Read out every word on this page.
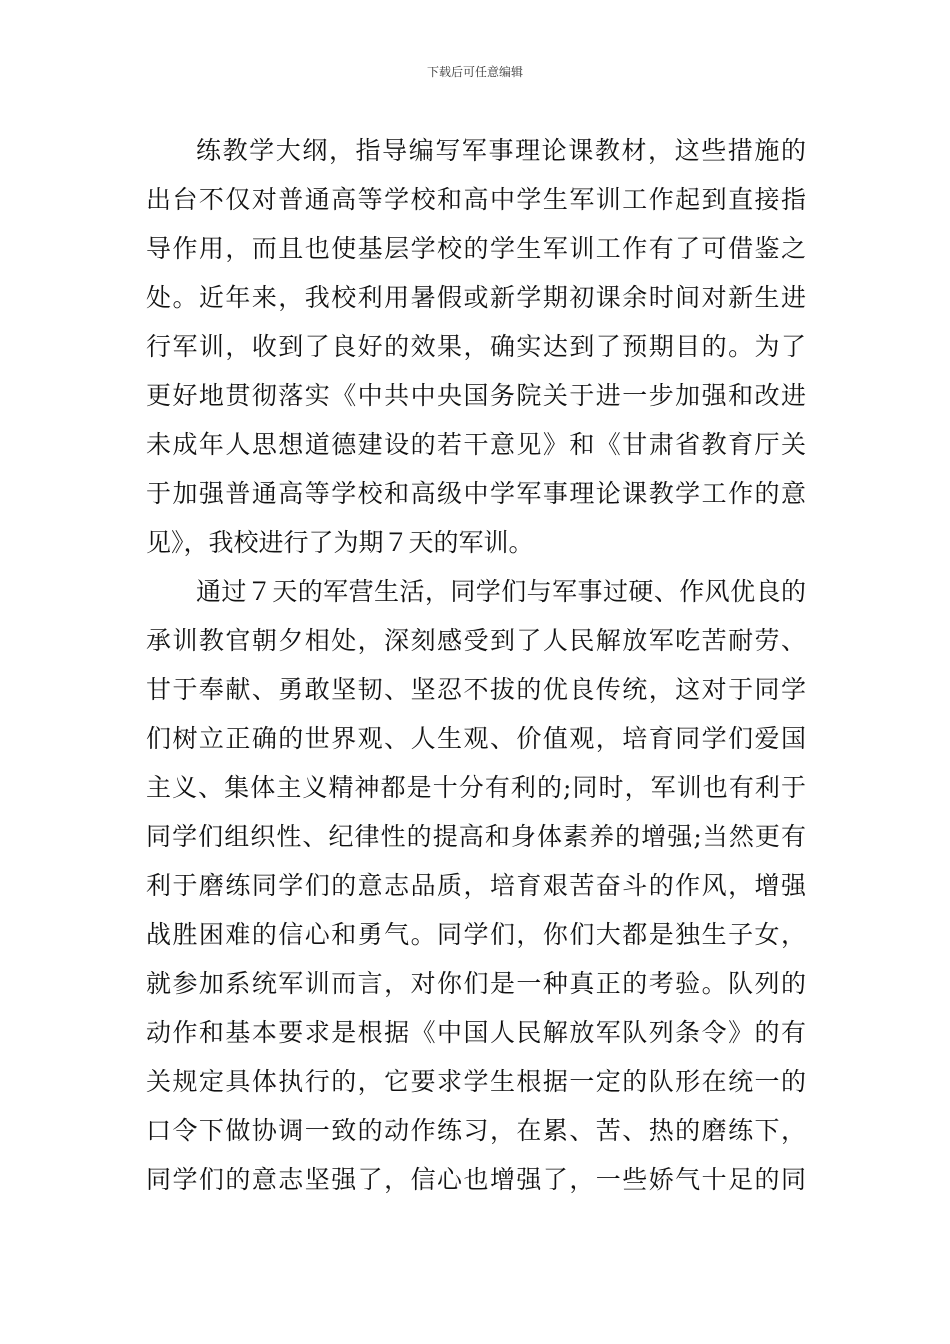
下载后可任意编辑
练教学大纲，指导编写军事理论课教材，这些措施的
出台不仅对普通高等学校和高中学生军训工作起到直接指
导作用，而且也使基层学校的学生军训工作有了可借鉴之
处。近年来，我校利用暑假或新学期初课余时间对新生进
行军训，收到了良好的效果，确实达到了预期目的。为了
更好地贯彻落实《中共中央国务院关于进一步加强和改进
未成年人思想道德建设的若干意见》和《甘肃省教育厅关
于加强普通高等学校和高级中学军事理论课教学工作的意
见》，我校进行了为期７天的军训。
通过７天的军营生活，同学们与军事过硬、作风优良的
承训教官朝夕相处，深刻感受到了人民解放军吃苦耐劳、
甘于奉献、勇敢坚韧、坚忍不拔的优良传统，这对于同学
们树立正确的世界观、人生观、价值观，培育同学们爱国
主义、集体主义精神都是十分有利的;同时，军训也有利于
同学们组织性、纪律性的提高和身体素养的增强;当然更有
利于磨练同学们的意志品质，培育艰苦奋斗的作风，增强
战胜困难的信心和勇气。同学们，你们大都是独生子女，
就参加系统军训而言，对你们是一种真正的考验。队列的
动作和基本要求是根据《中国人民解放军队列条令》的有
关规定具体执行的，它要求学生根据一定的队形在统一的
口令下做协调一致的动作练习，在累、苦、热的磨练下，
同学们的意志坚强了，信心也增强了，一些娇气十足的同
